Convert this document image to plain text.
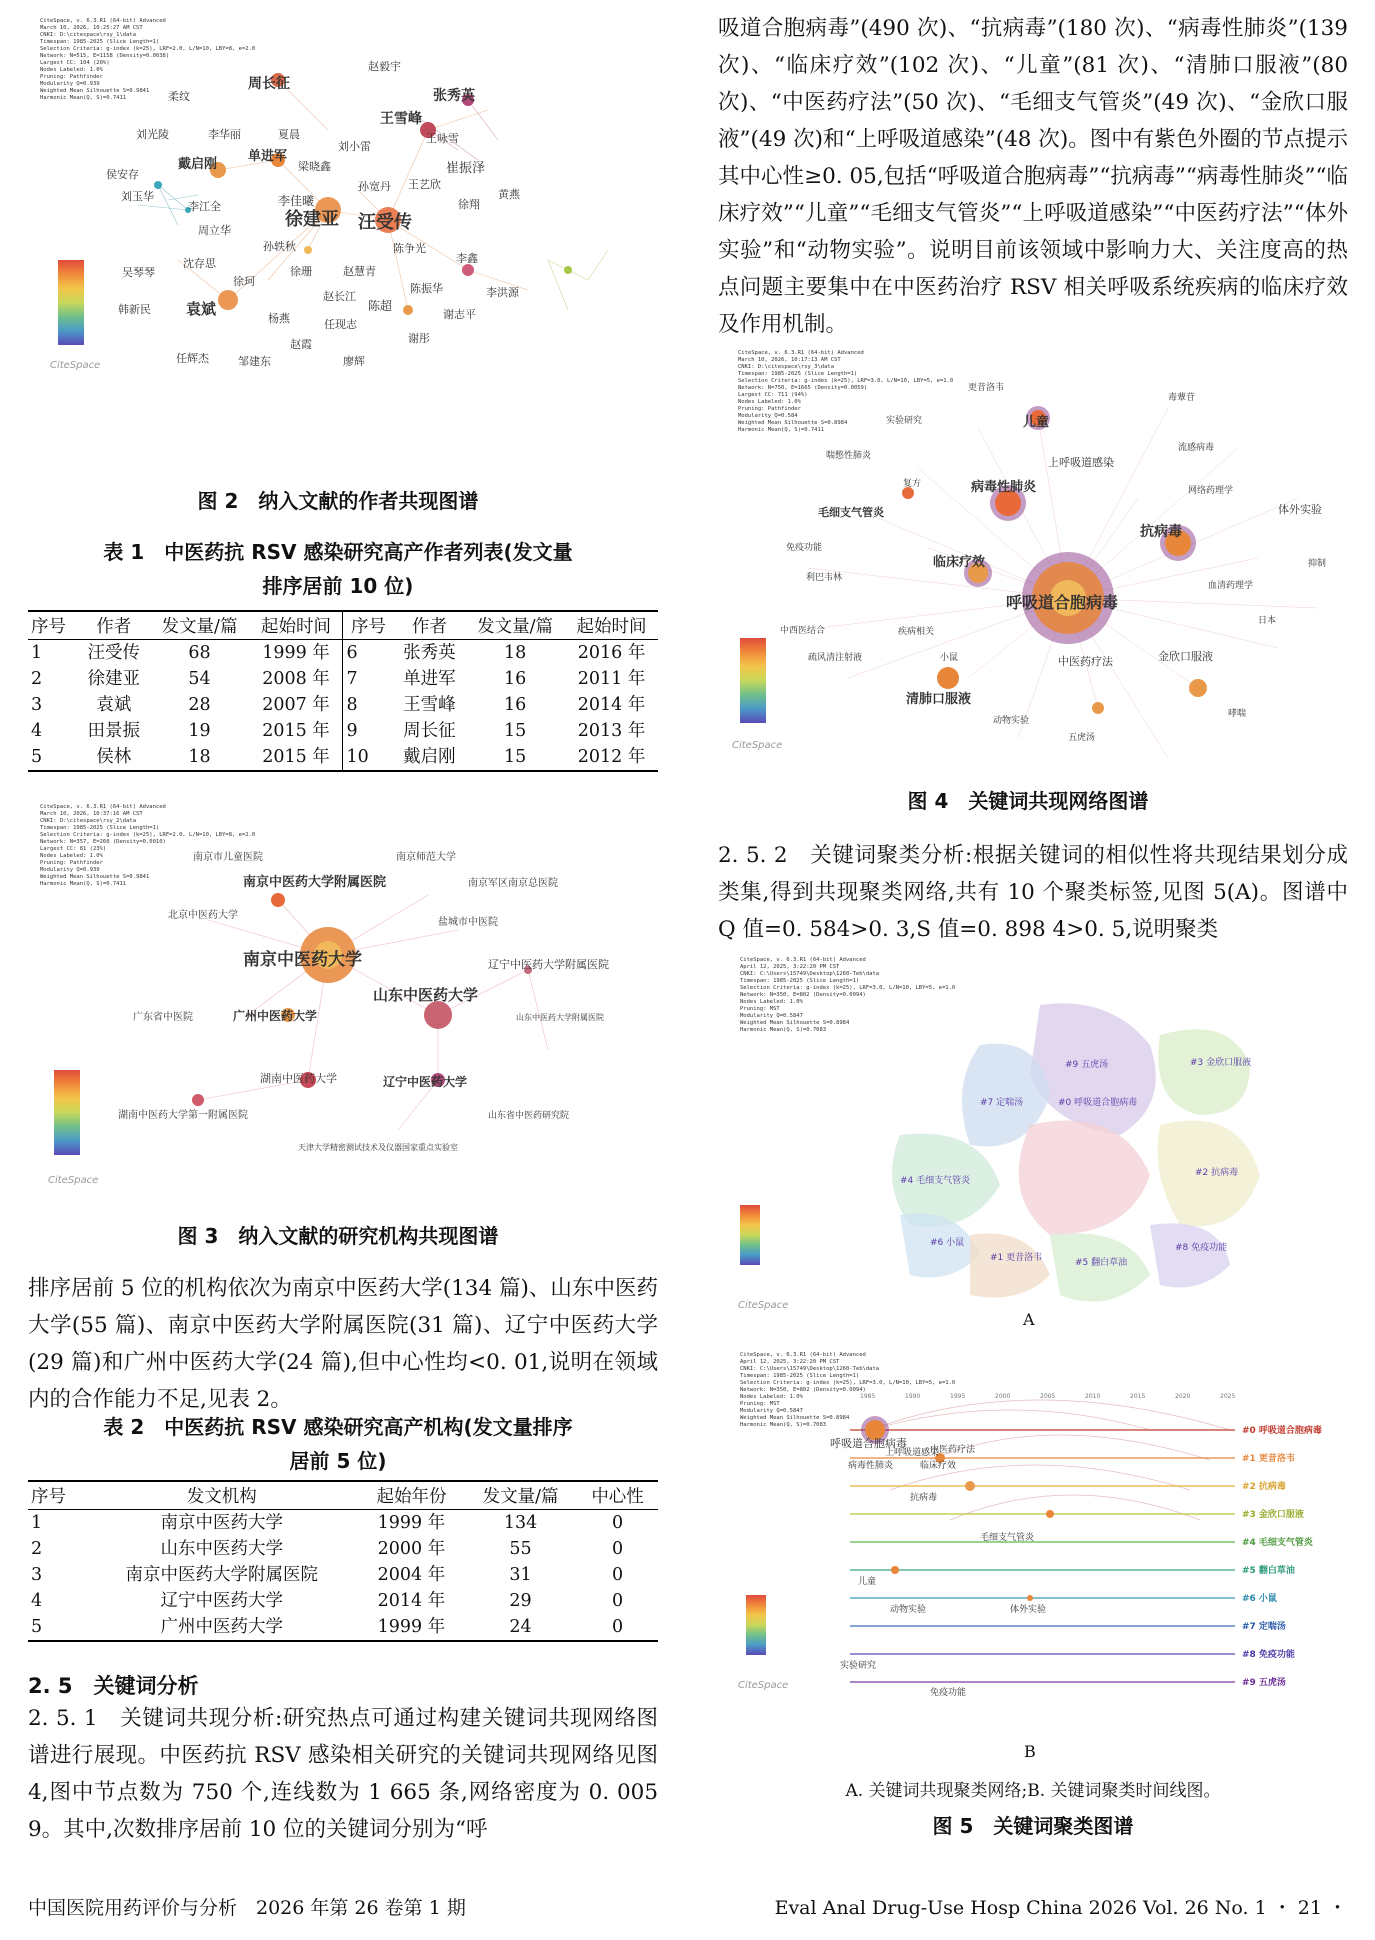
CiteSpace, v. 6.3.R1 (64-bit) Advanced
March 10, 2026, 10:25:27 AM CST
CNKI: D:\citespace\rsy_1\data
Timespan: 1985-2025 (Slice Length=1)
Selection Criteria: g-index (k=25), LRF=2.0, L/N=10, LBY=8, e=2.0
Network: N=515, E=1158 (Density=0.0038)
Largest CC: 104 (20%)
Nodes Labeled: 1.0%
Pruning: Pathfinder
Modularity Q=0.939
Weighted Mean Silhouette S=0.9841
Harmonic Mean(Q, S)=0.7411
赵毅宇
周长征
张秀英
柔纹
王雪峰
刘光陵	李华丽	夏晨	王咏雪
刘小雷
单进军
戴启刚	崔振泽
侯安存
梁晓鑫
孙宽丹 王艺欣
黄燕
刘玉华	李佳曦	徐翔
徐建亚 汪受传
李江全
周立华
孙轶秋	陈争光
吴琴琴
沈存思
赵慧青
李鑫
徐珂
徐珊
陈振华	李洪源
韩新民 袁斌
赵长江
陈超
谢志平
杨燕	任现志
谢彤
任辉杰	邹建东
赵霞
廖辉
CiteSpace
图 2　纳入文献的作者共现图谱
表 1　中医药抗 RSV 感染研究高产作者列表(发文量
排序居前 10 位)
序号	作者	发文量/篇	起始时间	序号	作者	发文量/篇	起始时间
1	汪受传	68	1999 年	6	张秀英	18	2016 年
2	徐建亚	54	2008 年	7	单进军	16	2011 年
3	袁斌	28	2007 年	8	王雪峰	16	2014 年
4	田景振	19	2015 年	9	周长征	15	2013 年
5	侯林	18	2015 年	10	戴启刚	15	2012 年
CiteSpace, v. 6.3.R1 (64-bit) Advanced
March 10, 2026, 10:37:16 AM CST
CNKI: D:\citespace\rsy_2\data
Timespan: 1985-2025 (Slice Length=1)
Selection Criteria: g-index (k=25), LRF=2.0, L/N=10, LBY=8, e=2.0
Network: N=357, E=260 (Density=0.0010)
Largest CC: 81 (23%)
Nodes Labeled: 1.0%
Pruning: Pathfinder
Modularity Q=0.939
Weighted Mean Silhouette S=0.9841
Harmonic Mean(Q, S)=0.7411
南京市儿童医院	南京师范大学
南京中医药大学附属医院	南京军区南京总医院
北京中医药大学
盐城市中医院
南京中医药大学	辽宁中医药大学附属医院
山东中医药大学
广东省中医院	广州中医药大学	山东中医药大学附属医院
湖南中医药大学	辽宁中医药大学
湖南中医药大学第一附属医院	山东省中医药研究院
天津大学精密测试技术及仪器国家重点实验室
CiteSpace
图 3　纳入文献的研究机构共现图谱
排序居前 5 位的机构依次为南京中医药大学(134 篇)、山东中医药大学(55 篇)、南京中医药大学附属医院(31 篇)、辽宁中医药大学(29 篇)和广州中医药大学(24 篇),但中心性均<0. 01,说明在领域内的合作能力不足,见表 2。
表 2　中医药抗 RSV 感染研究高产机构(发文量排序
居前 5 位)
序号	发文机构	起始年份	发文量/篇	中心性
1	南京中医药大学	1999 年	134	0
2	山东中医药大学	2000 年	55	0
3	南京中医药大学附属医院	2004 年	31	0
4	辽宁中医药大学	2014 年	29	0
5	广州中医药大学	1999 年	24	0
2. 5　关键词分析
2. 5. 1　关键词共现分析:研究热点可通过构建关键词共现网络图谱进行展现。中医药抗 RSV 感染相关研究的关键词共现网络见图 4,图中节点数为 750 个,连线数为 1 665 条,网络密度为 0. 005 9。其中,次数排序居前 10 位的关键词分别为“呼
吸道合胞病毒”(490 次)、“抗病毒”(180 次)、“病毒性肺炎”(139 次)、“临床疗效”(102 次)、“儿童”(81 次)、“清肺口服液”(80 次)、“中医药疗法”(50 次)、“毛细支气管炎”(49 次)、“金欣口服液”(49 次)和“上呼吸道感染”(48 次)。图中有紫色外圈的节点提示其中心性≥0. 05,包括“呼吸道合胞病毒”“抗病毒”“病毒性肺炎”“临床疗效”“儿童”“毛细支气管炎”“上呼吸道感染”“中医药疗法”“体外实验”和“动物实验”。说明目前该领域中影响力大、关注度高的热点问题主要集中在中医药治疗 RSV 相关呼吸系统疾病的临床疗效及作用机制。
CiteSpace, v. 6.3.R1 (64-bit) Advanced
March 10, 2026, 10:17:13 AM CST
CNKI: D:\citespace\rsy_3\data
Timespan: 1985-2025 (Slice Length=1)
Selection Criteria: g-index (k=25), LRF=3.0, L/N=10, LBY=5, e=1.0
Network: N=750, E=1665 (Density=0.0059)
Largest CC: 711 (94%)
Nodes Labeled: 1.0%
Pruning: Pathfinder
Modularity Q=0.584
Weighted Mean Silhouette S=0.8984
Harmonic Mean(Q, S)=0.7411
更昔洛韦
毒蕈苷
儿童
实验研究
上呼吸道感染
流感病毒
喘憋性肺炎
病毒性肺炎	网络药理学
复方
体外实验
毛细支气管炎
抗病毒
临床疗效
利巴韦林
免疫功能
抑制
呼吸道合胞病毒
血清药理学
中西医结合	疾病相关
日本
疏风清注射液	小鼠	中医药疗法	金欣口服液
清肺口服液
动物实验
哮喘
五虎汤
CiteSpace
图 4　关键词共现网络图谱
2. 5. 2　关键词聚类分析:根据关键词的相似性将共现结果划分成类集,得到共现聚类网络,共有 10 个聚类标签,见图 5(A)。图谱中 Q 值=0. 584>0. 3,S 值=0. 898 4>0. 5,说明聚类
CiteSpace, v. 6.3.R1 (64-bit) Advanced
April 12, 2025, 3:22:20 PM CST
CNKI: C:\Users\15749\Desktop\1260-Teb\data
Timespan: 1985-2025 (Slice Length=1)
Selection Criteria: g-index (k=25), LRF=3.0, L/N=10, LBY=5, e=1.0
Network: N=350, E=802 (Density=0.0094)
Nodes Labeled: 1.0%
Pruning: MST
Modularity Q=0.5847
Weighted Mean Silhouette S=0.8984
Harmonic Mean(Q, S)=0.7083
#0 呼吸道合胞病毒
#1 更昔洛韦
#2 抗病毒
#3 金欣口服液
#4 毛细支气管炎
#5 翻白草油
#6 小鼠
#7 定喘汤
#8 免疫功能
#9 五虎汤
CiteSpace
A
CiteSpace, v. 6.3.R1 (64-bit) Advanced
April 12, 2025, 3:22:20 PM CST
CNKI: C:\Users\15749\Desktop\1260-Teb\data
Timespan: 1985-2025 (Slice Length=1)
Selection Criteria: g-index (k=25), LRF=3.0, L/N=10, LBY=5, e=1.0
Network: N=350, E=802 (Density=0.0094)
Nodes Labeled: 1.0%
Pruning: MST
Modularity Q=0.5847
Weighted Mean Silhouette S=0.8984
Harmonic Mean(Q, S)=0.7083
1985	1990	1995	2000	2005	2010	2015	2020	2025
呼吸道合胞病毒
病毒性肺炎
上呼吸道感染
中医药疗法
临床疗效
抗病毒
儿童
体外实验
动物实验
实验研究
免疫功能
毛细支气管炎
#0 呼吸道合胞病毒
#1 更昔洛韦
#2 抗病毒
#3 金欣口服液
#4 毛细支气管炎
#5 翻白草油
#6 小鼠
#7 定喘汤
#8 免疫功能
#9 五虎汤
CiteSpace
B
A. 关键词共现聚类网络;B. 关键词聚类时间线图。
图 5　关键词聚类图谱
中国医院用药评价与分析　2026 年第 26 卷第 1 期	Eval Anal Drug-Use Hosp China 2026 Vol. 26 No. 1 ・ 21 ・
